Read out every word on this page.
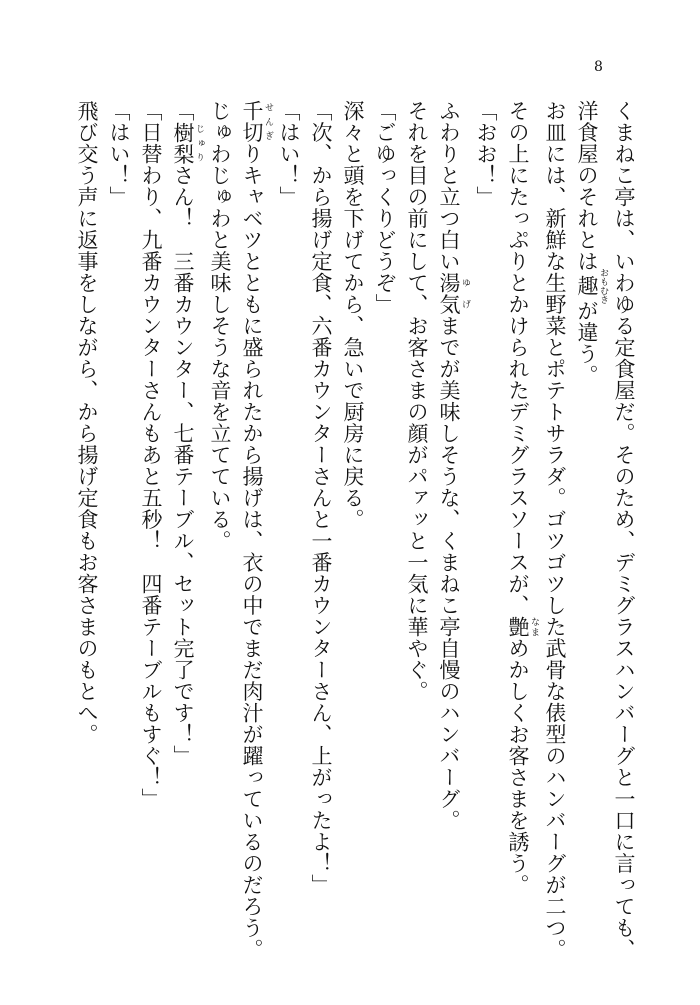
8
くまねこ亭は、いわゆる定食屋だ。そのため、デミグラスハンバーグと一口に言っても、
洋食屋のそれとは趣 おもむきが違う。
お皿には、新鮮な生野菜とポテトサラダ。ゴツゴツした武骨な俵型のハンバーグが二つ。
その上にたっぷりとかけられたデミグラスソースが、艶 なまめかしくお客さまを誘う。
「おお！」
ふわりと立つ白い湯気 ゆげまでが美味しそうな、くまねこ亭自慢のハンバーグ。
それを目の前にして、お客さまの顔がパァッと一気に華やぐ。
「ごゆっくりどうぞ」
深々と頭を下げてから、急いで厨房に戻る。
「次、から揚げ定食、六番カウンターさんと一番カウンターさん、上がったよ！」
「はい！」
千切 せんぎりキャベツとともに盛られたから揚げは、衣の中でまだ肉汁が躍っているのだろう。
じゅわじゅわと美味しそうな音を立てている。
「樹梨 じゅりさん！　三番カウンター、七番テーブル、セット完了です！」
「日替わり、九番カウンターさんもあと五秒！　四番テーブルもすぐ！」
「はい！」
飛び交う声に返事をしながら、から揚げ定食もお客さまのもとへ。
